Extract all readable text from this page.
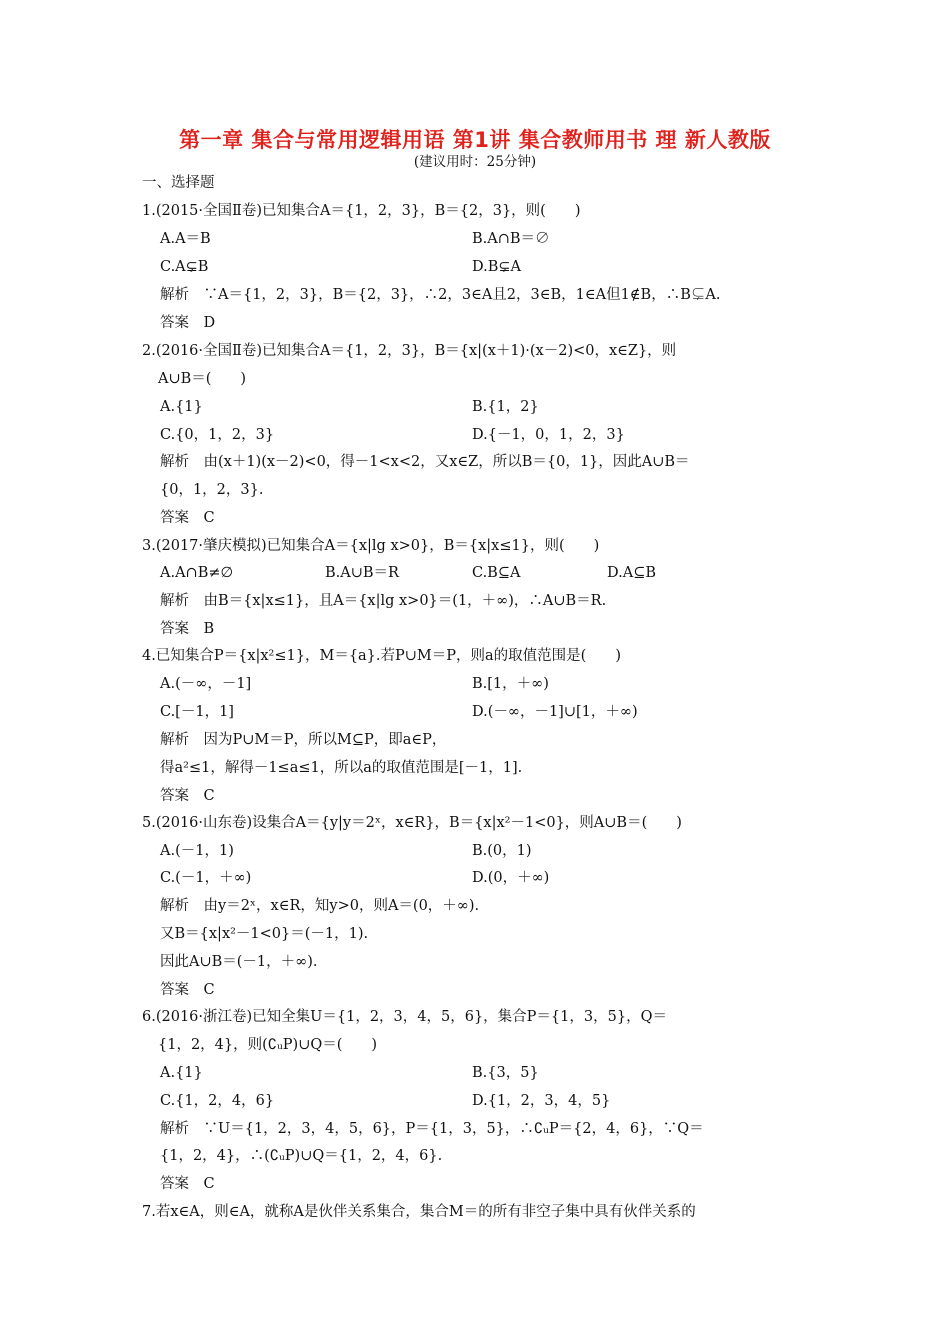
第一章 集合与常用逻辑用语 第1讲 集合教师用书 理 新人教版
(建议用时：25分钟)
一、选择题
1.(2015·全国Ⅱ卷)已知集合A＝{1，2，3}，B＝{2，3}，则(　　)
A.A＝B	B.A∩B＝∅
C.A⊊B	D.B⊊A
解析　∵A＝{1，2，3}，B＝{2，3}，∴2，3∈A且2，3∈B，1∈A但1∉B，∴B⊊A.
答案　D
2.(2016·全国Ⅱ卷)已知集合A＝{1，2，3}，B＝{x|(x＋1)·(x－2)<0，x∈Z}，则
A∪B＝(　　)
A.{1}	B.{1，2}
C.{0，1，2，3}	D.{－1，0，1，2，3}
解析　由(x＋1)(x－2)<0，得－1<x<2，又x∈Z，所以B＝{0，1}，因此A∪B＝
{0，1，2，3}.
答案　C
3.(2017·肇庆模拟)已知集合A＝{x|lg x>0}，B＝{x|x≤1}，则(　　)
A.A∩B≠∅	B.A∪B＝R	C.B⊆A	D.A⊆B
解析　由B＝{x|x≤1}，且A＝{x|lg x>0}＝(1，＋∞)，∴A∪B＝R.
答案　B
4.已知集合P＝{x|x²≤1}，M＝{a}.若P∪M＝P，则a的取值范围是(　　)
A.(－∞，－1]	B.[1，＋∞)
C.[－1，1]	D.(－∞，－1]∪[1，＋∞)
解析　因为P∪M＝P，所以M⊆P，即a∈P，
得a²≤1，解得－1≤a≤1，所以a的取值范围是[－1，1].
答案　C
5.(2016·山东卷)设集合A＝{y|y＝2ˣ，x∈R}，B＝{x|x²－1<0}，则A∪B＝(　　)
A.(－1，1)	B.(0，1)
C.(－1，＋∞)	D.(0，＋∞)
解析　由y＝2ˣ，x∈R，知y>0，则A＝(0，＋∞).
又B＝{x|x²－1<0}＝(－1，1).
因此A∪B＝(－1，＋∞).
答案　C
6.(2016·浙江卷)已知全集U＝{1，2，3，4，5，6}，集合P＝{1，3，5}，Q＝
{1，2，4}，则(∁ᵤP)∪Q＝(　　)
A.{1}	B.{3，5}
C.{1，2，4，6}	D.{1，2，3，4，5}
解析　∵U＝{1，2，3，4，5，6}，P＝{1，3，5}，∴∁ᵤP＝{2，4，6}，∵Q＝
{1，2，4}，∴(∁ᵤP)∪Q＝{1，2，4，6}.
答案　C
7.若x∈A，则∈A，就称A是伙伴关系集合，集合M＝的所有非空子集中具有伙伴关系的
